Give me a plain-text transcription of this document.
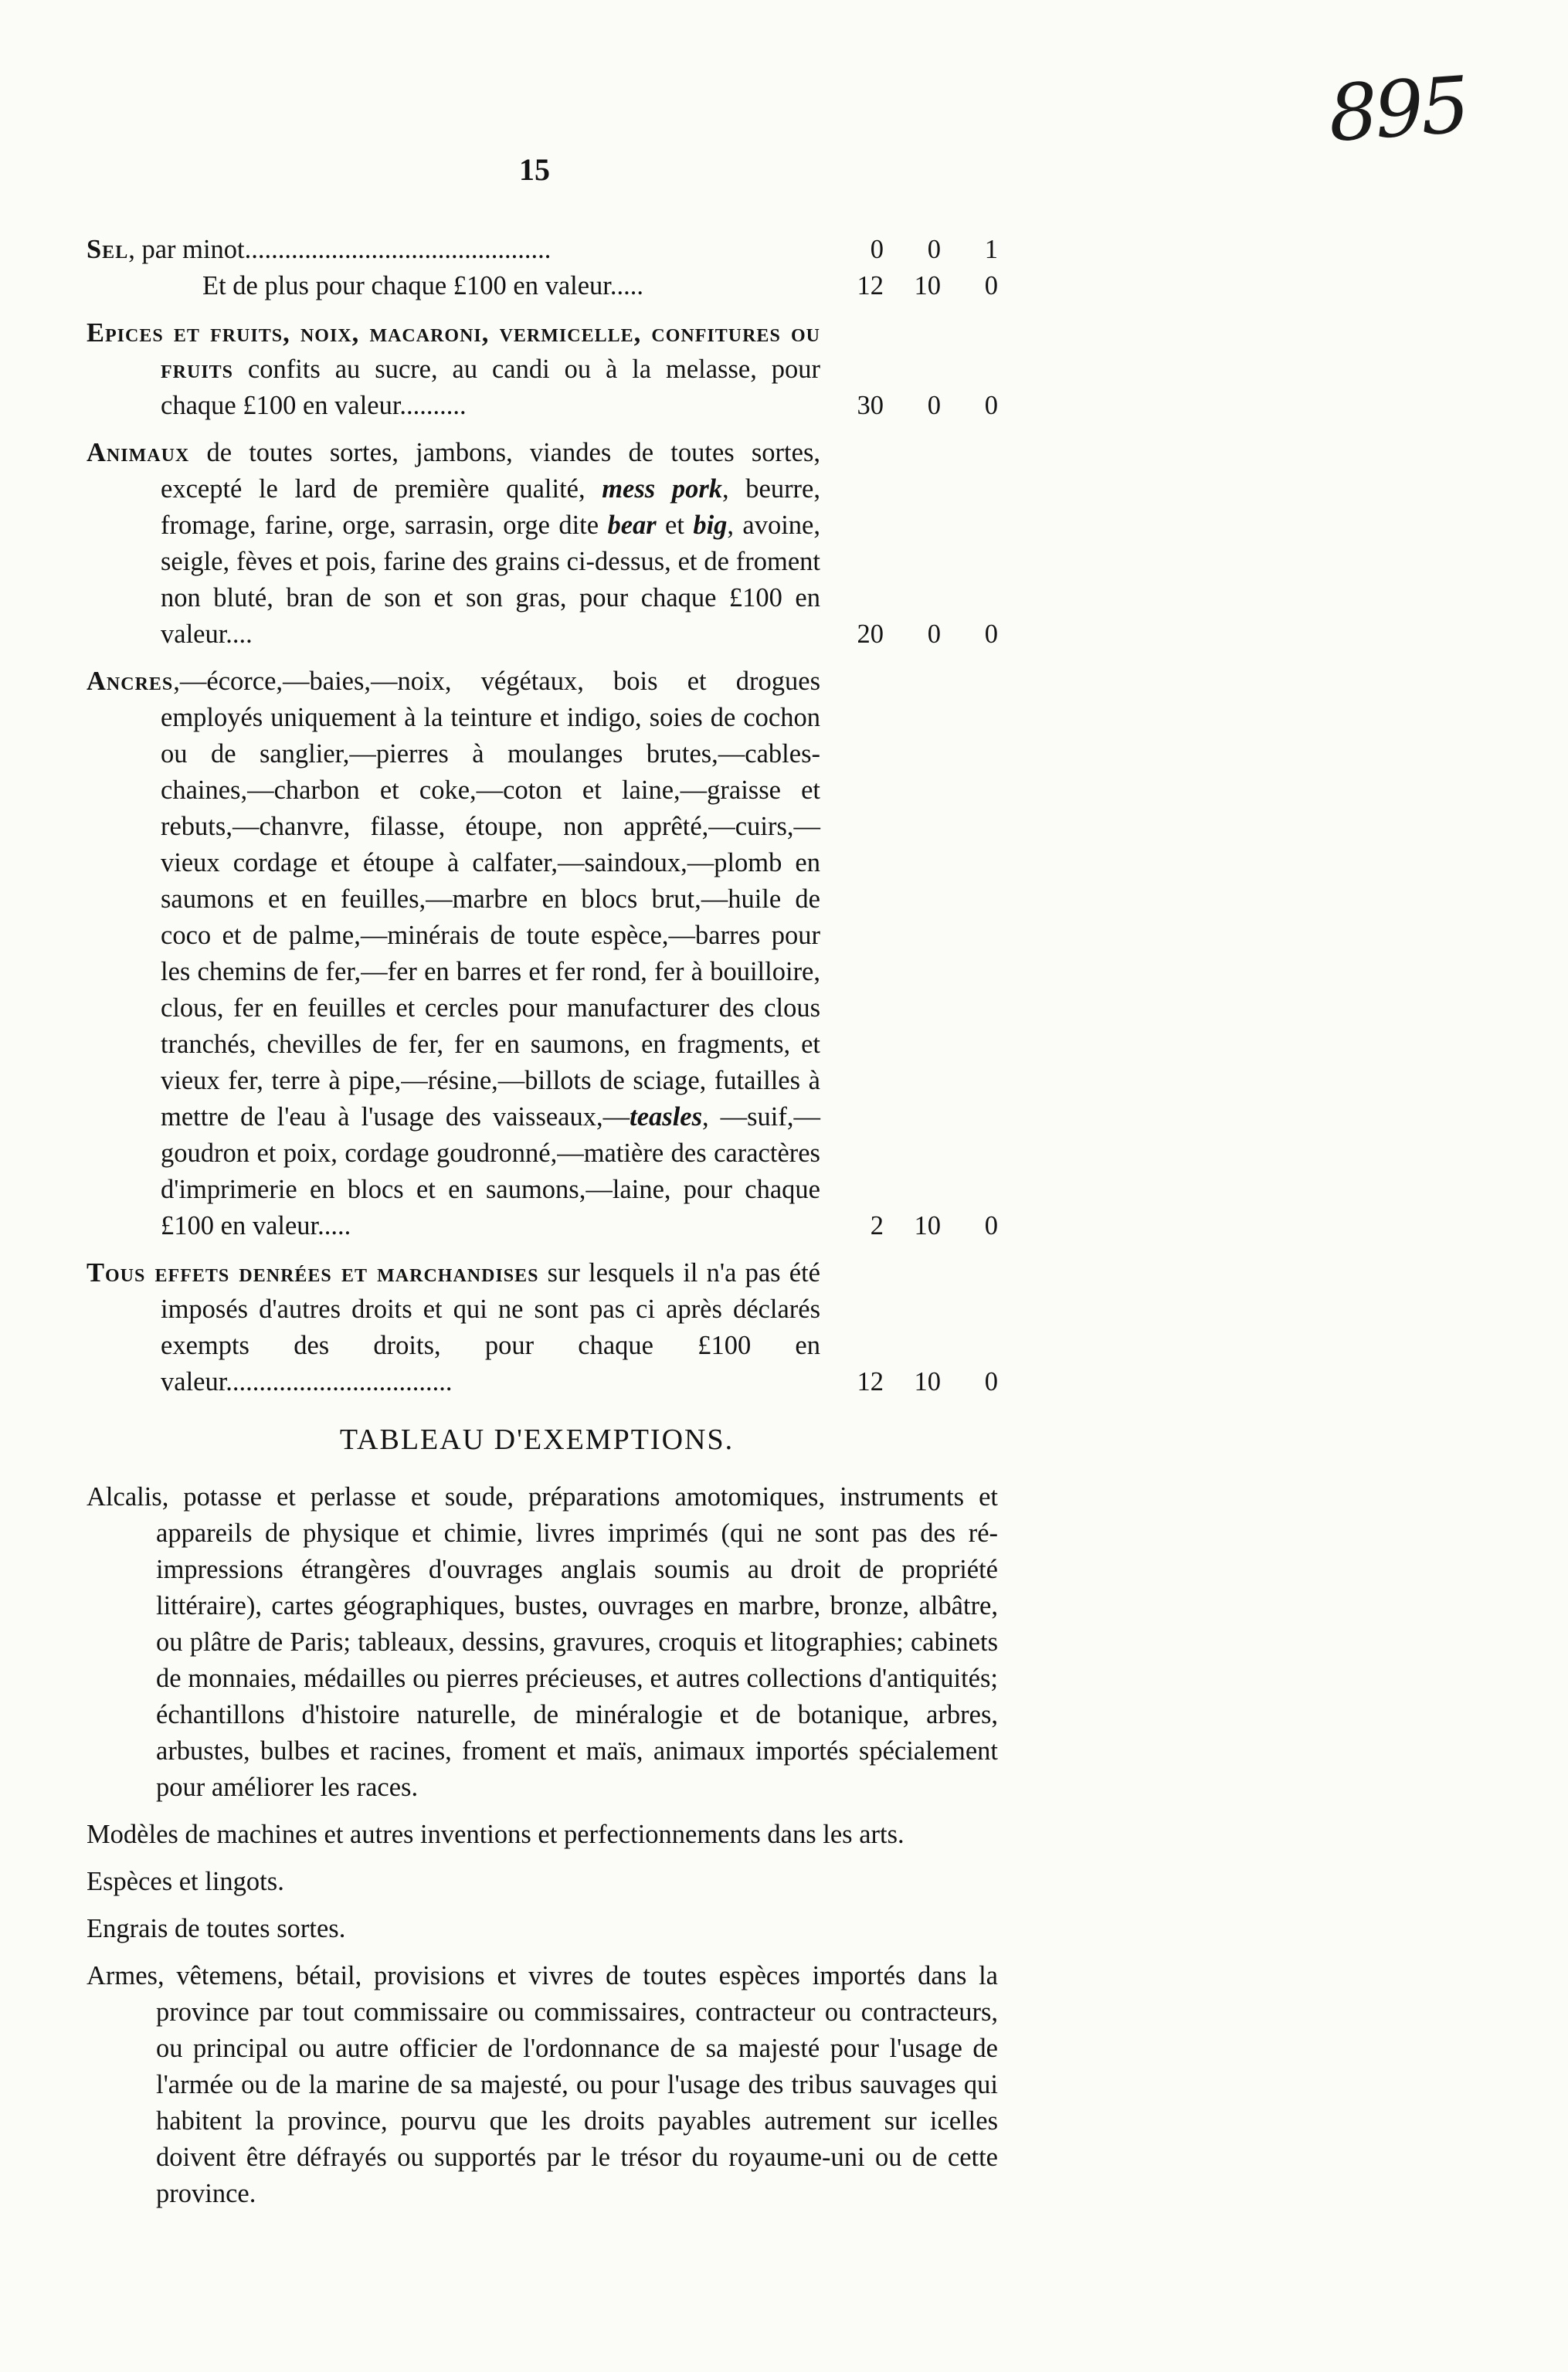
895
15
Sel, par minot..............................................	0	0	1
Et de plus pour chaque £100 en valeur.....	12	10	0
Epices et fruits, noix, macaroni, vermicelle, confitures ou fruits confits au sucre, au candi ou à la melasse, pour chaque £100 en valeur..........	30	0	0
Animaux de toutes sortes, jambons, viandes de toutes sortes, excepté le lard de première qualité, mess pork, beurre, fromage, farine, orge, sarrasin, orge dite bear et big, avoine, seigle, fèves et pois, farine des grains ci-dessus, et de froment non bluté, bran de son et son gras, pour chaque £100 en valeur....	20	0	0
Ancres,—écorce,—baies,—noix, végétaux, bois et drogues employés uniquement à la teinture et indigo, soies de cochon ou de sanglier,—pierres à moulanges brutes,—cables-chaines,—charbon et coke,—coton et laine,—graisse et rebuts,—chanvre, filasse, étoupe, non apprêté,—cuirs,—vieux cordage et étoupe à calfater,—saindoux,—plomb en saumons et en feuilles,—marbre en blocs brut,—huile de coco et de palme,—minérais de toute espèce,—barres pour les chemins de fer,—fer en barres et fer rond, fer à bouilloire, clous, fer en feuilles et cercles pour manufacturer des clous tranchés, chevilles de fer, fer en saumons, en fragments, et vieux fer, terre à pipe,—résine,—billots de sciage, futailles à mettre de l'eau à l'usage des vaisseaux,—teasles, —suif,—goudron et poix, cordage goudronné,—matière des caractères d'imprimerie en blocs et en saumons,—laine, pour chaque £100 en valeur.....	2	10	0
Tous effets denrées et marchandises sur lesquels il n'a pas été imposés d'autres droits et qui ne sont pas ci après déclarés exempts des droits, pour chaque £100 en valeur..................................	12	10	0
TABLEAU D'EXEMPTIONS.
Alcalis, potasse et perlasse et soude, préparations amotomiques, instruments et appareils de physique et chimie, livres imprimés (qui ne sont pas des ré-impressions étrangères d'ouvrages anglais soumis au droit de propriété littéraire), cartes géographiques, bustes, ouvrages en marbre, bronze, albâtre, ou plâtre de Paris; tableaux, dessins, gravures, croquis et litographies; cabinets de monnaies, médailles ou pierres précieuses, et autres collections d'antiquités; échantillons d'histoire naturelle, de minéralogie et de botanique, arbres, arbustes, bulbes et racines, froment et maïs, animaux importés spécialement pour améliorer les races.
Modèles de machines et autres inventions et perfectionnements dans les arts.
Espèces et lingots.
Engrais de toutes sortes.
Armes, vêtemens, bétail, provisions et vivres de toutes espèces importés dans la province par tout commissaire ou commissaires, contracteur ou contracteurs, ou principal ou autre officier de l'ordonnance de sa majesté pour l'usage de l'armée ou de la marine de sa majesté, ou pour l'usage des tribus sauvages qui habitent la province, pourvu que les droits payables autrement sur icelles doivent être défrayés ou supportés par le trésor du royaume-uni ou de cette province.
